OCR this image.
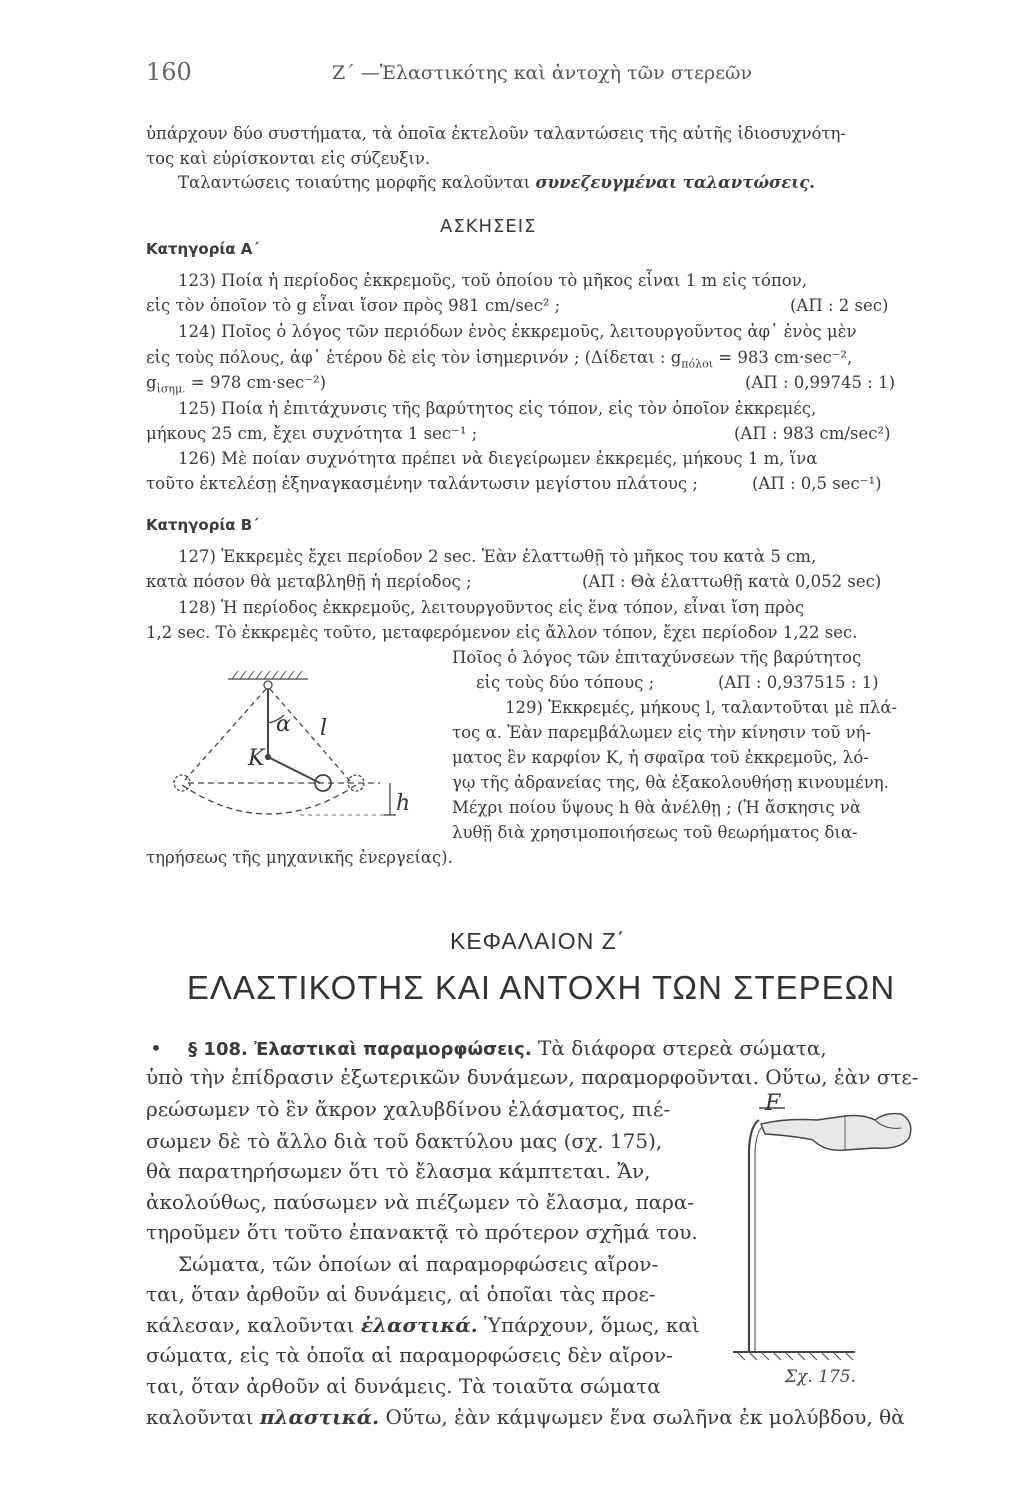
160	Ζ΄ —Ἐλαστικότης καὶ ἀντοχὴ τῶν στερεῶν
ὑπάρχουν δύο συστήματα, τὰ ὁποῖα ἐκτελοῦν ταλαντώσεις τῆς αὐτῆς ἰδιοσυχνότη-
τος καὶ εὑρίσκονται εἰς σύζευξιν.
Ταλαντώσεις τοιαύτης μορφῆς καλοῦνται συνεζευγμέναι ταλαντώσεις.
ΑΣΚΗΣΕΙΣ
Κατηγορία Α΄
123) Ποία ἡ περίοδος ἐκκρεμοῦς, τοῦ ὁποίου τὸ μῆκος εἶναι 1 m εἰς τόπον,
εἰς τὸν ὁποῖον τὸ g εἶναι ἴσον πρὸς 981 cm/sec² ;	(ΑΠ : 2 sec)
124) Ποῖος ὁ λόγος τῶν περιόδων ἑνὸς ἐκκρεμοῦς, λειτουργοῦντος ἀφ᾽ ἑνὸς μὲν
εἰς τοὺς πόλους, ἀφ᾽ ἑτέρου δὲ εἰς τὸν ἰσημερινόν ; (Δίδεται : $g_{\pi ό\lambda o\iota} = 983$ cm·sec⁻²,
$g_{ἰ\sigma\eta\mu.} = 978$ cm·sec⁻²)	(ΑΠ : 0,99745 : 1)
125) Ποία ἡ ἐπιτάχυνσις τῆς βαρύτητος εἰς τόπον, εἰς τὸν ὁποῖον ἐκκρεμές,
μήκους 25 cm, ἔχει συχνότητα 1 sec⁻¹ ;	(ΑΠ : 983 cm/sec²)
126) Μὲ ποίαν συχνότητα πρέπει νὰ διεγείρωμεν ἐκκρεμές, μήκους 1 m, ἵνα
τοῦτο ἐκτελέσῃ ἐξηναγκασμένην ταλάντωσιν μεγίστου πλάτους ;	(ΑΠ : 0,5 sec⁻¹)
Κατηγορία Β΄
127) Ἐκκρεμὲς ἔχει περίοδον 2 sec. Ἐὰν ἐλαττωθῇ τὸ μῆκος του κατὰ 5 cm,
κατὰ πόσον θὰ μεταβληθῇ ἡ περίοδος ;	(ΑΠ : Θὰ ἐλαττωθῇ κατὰ 0,052 sec)
128) Ἡ περίοδος ἐκκρεμοῦς, λειτουργοῦντος εἰς ἕνα τόπον, εἶναι ἴση πρὸς
1,2 sec. Τὸ ἐκκρεμὲς τοῦτο, μεταφερόμενον εἰς ἄλλον τόπον, ἔχει περίοδον 1,22 sec.
Ποῖος ὁ λόγος τῶν ἐπιταχύνσεων τῆς βαρύτητος
εἰς τοὺς δύο τόπους ;	(ΑΠ : 0,937515 : 1)
129) Ἐκκρεμές, μήκους l, ταλαντοῦται μὲ πλά-
τος α. Ἐὰν παρεμβάλωμεν εἰς τὴν κίνησιν τοῦ νή-
ματος ἓν καρφίον K, ἡ σφαῖρα τοῦ ἐκκρεμοῦς, λό-
γῳ τῆς ἀδρανείας της, θὰ ἐξακολουθήσῃ κινουμένη.
Μέχρι ποίου ὕψους h θὰ ἀνέλθῃ ; (Ἡ ἄσκησις νὰ
λυθῇ διὰ χρησιμοποιήσεως τοῦ θεωρήματος δια-
τηρήσεως τῆς μηχανικῆς ἐνεργείας).
α l
K
h
ΚΕΦΑΛΑΙΟΝ Ζ΄
ΕΛΑΣΤΙΚΟΤΗΣ ΚΑΙ ΑΝΤΟΧΗ ΤΩΝ ΣΤΕΡΕΩΝ
• § 108. Ἐλαστικαὶ παραμορφώσεις. Τὰ διάφορα στερεὰ σώματα,
ὑπὸ τὴν ἐπίδρασιν ἐξωτερικῶν δυνάμεων, παραμορφοῦνται. Οὕτω, ἐὰν στε-
ρεώσωμεν τὸ ἓν ἄκρον χαλυβδίνου ἐλάσματος, πιέ-
σωμεν δὲ τὸ ἄλλο διὰ τοῦ δακτύλου μας (σχ. 175),
θὰ παρατηρήσωμεν ὅτι τὸ ἔλασμα κάμπτεται. Ἄν,
ἀκολούθως, παύσωμεν νὰ πιέζωμεν τὸ ἔλασμα, παρα-
τηροῦμεν ὅτι τοῦτο ἐπανακτᾷ τὸ πρότερον σχῆμά του.
Σώματα, τῶν ὁποίων αἱ παραμορφώσεις αἴρον-
ται, ὅταν ἀρθοῦν αἱ δυνάμεις, αἱ ὁποῖαι τὰς προε-
κάλεσαν, καλοῦνται ἐλαστικά. Ὑπάρχουν, ὅμως, καὶ
σώματα, εἰς τὰ ὁποῖα αἱ παραμορφώσεις δὲν αἴρον-
ται, ὅταν ἀρθοῦν αἱ δυνάμεις. Τὰ τοιαῦτα σώματα
καλοῦνται πλαστικά. Οὕτω, ἐὰν κάμψωμεν ἕνα σωλῆνα ἐκ μολύβδου, θὰ
F
Σχ. 175.
